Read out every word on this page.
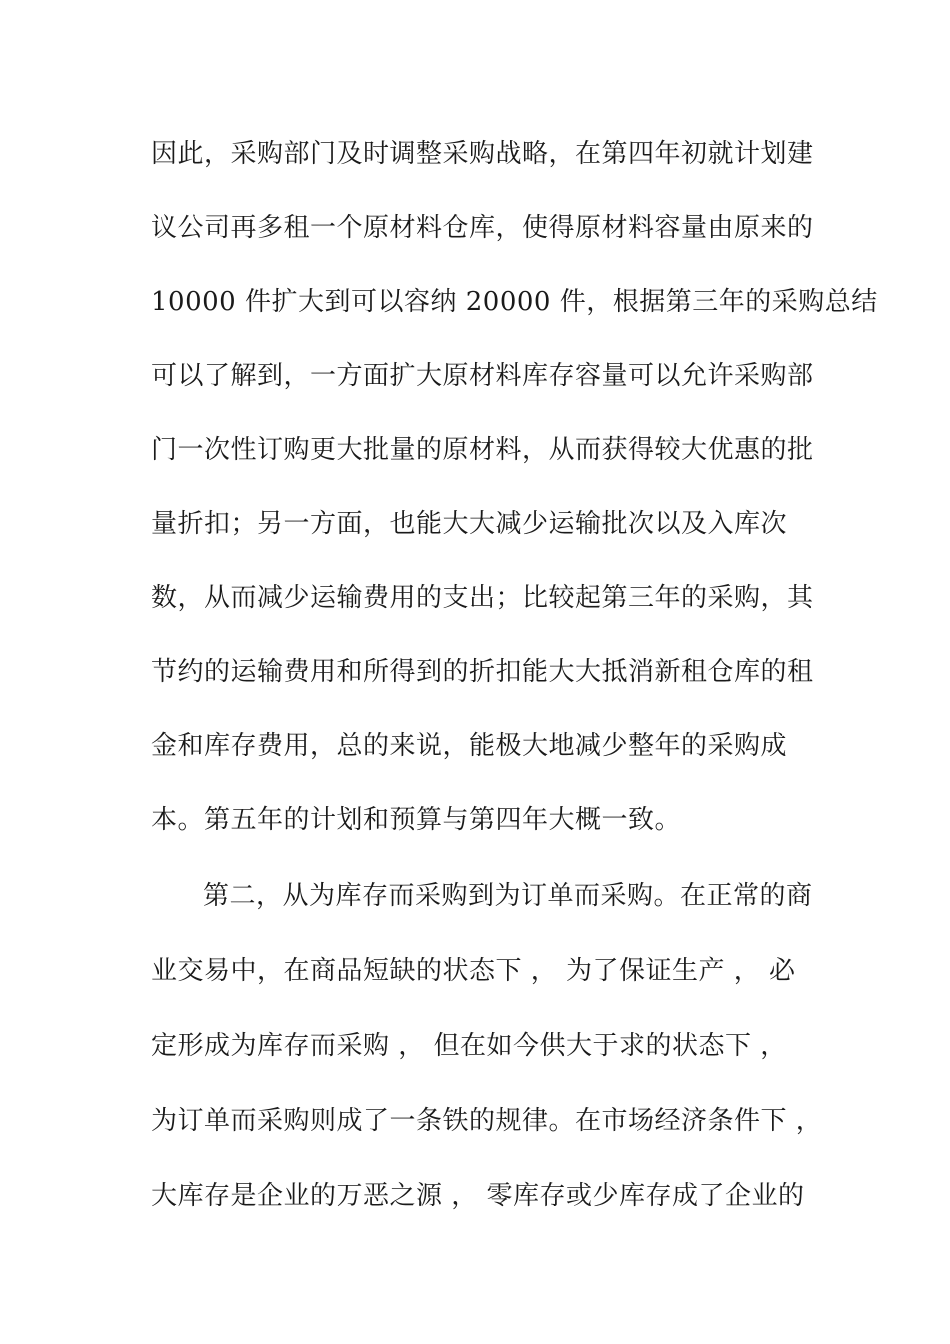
因此，采购部门及时调整采购战略，在第四年初就计划建
议公司再多租一个原材料仓库，使得原材料容量由原来的
10000 件扩大到可以容纳 20000 件，根据第三年的采购总结
可以了解到，一方面扩大原材料库存容量可以允许采购部
门一次性订购更大批量的原材料，从而获得较大优惠的批
量折扣；另一方面，也能大大减少运输批次以及入库次
数，从而减少运输费用的支出；比较起第三年的采购，其
节约的运输费用和所得到的折扣能大大抵消新租仓库的租
金和库存费用，总的来说，能极大地减少整年的采购成
本。第五年的计划和预算与第四年大概一致。
第二，从为库存而采购到为订单而采购。在正常的商
业交易中，在商品短缺的状态下 ， 为了保证生产 ， 必
定形成为库存而采购 ， 但在如今供大于求的状态下 ，
为订单而采购则成了一条铁的规律。在市场经济条件下 ，
大库存是企业的万恶之源 ， 零库存或少库存成了企业的
